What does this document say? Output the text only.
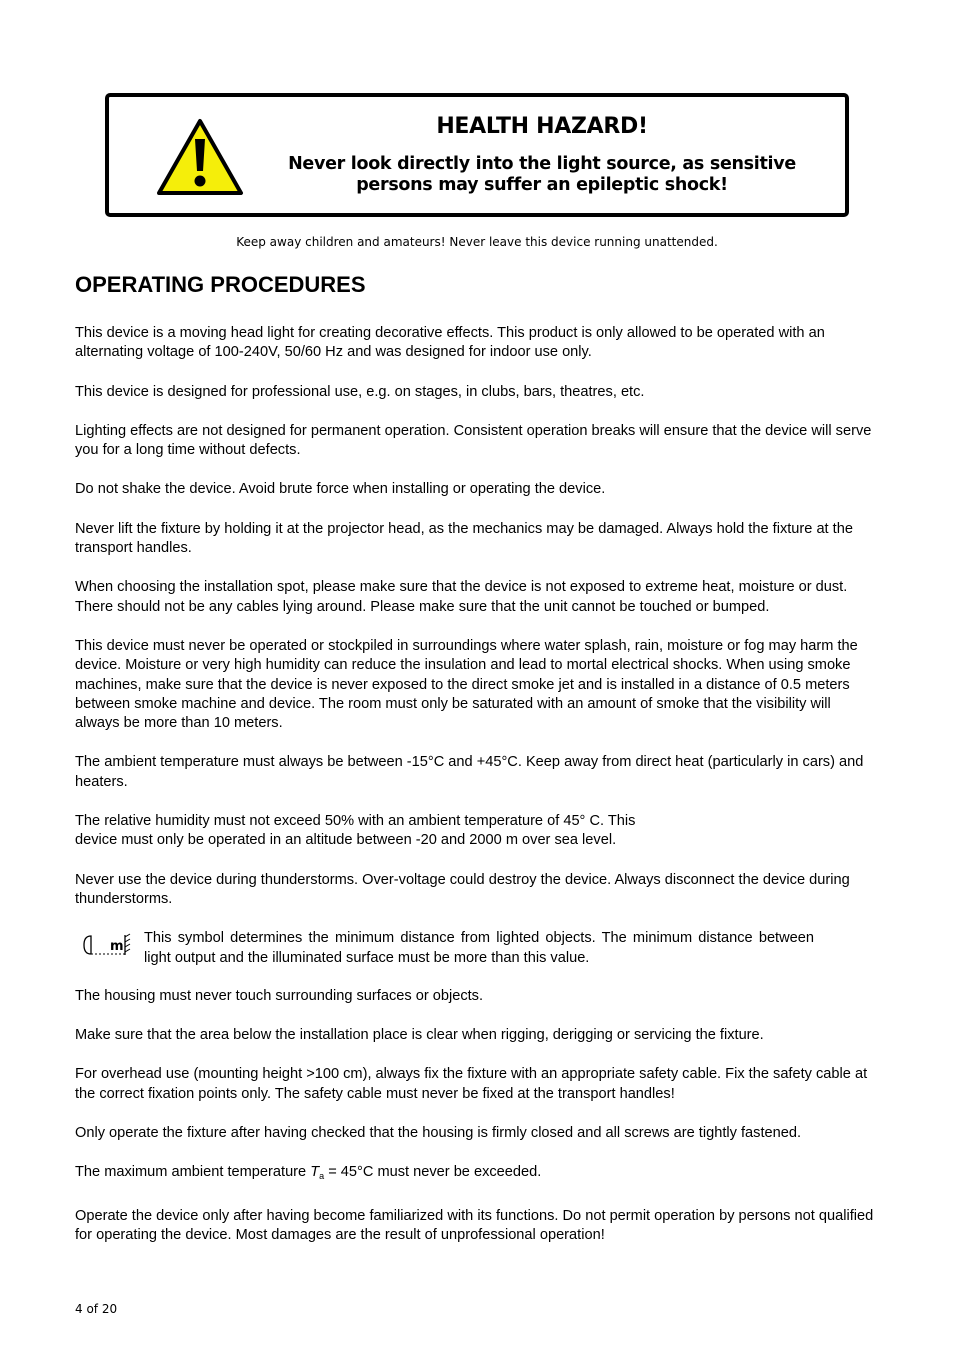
HEALTH HAZARD!
Never look directly into the light source, as sensitive
persons may suffer an epileptic shock!
Keep away children and amateurs! Never leave this device running unattended.
OPERATING PROCEDURES

This device is a moving head light for creating decorative effects. This product is only allowed to be operated with an alternating voltage of 100-240V, 50/60 Hz and was designed for indoor use only.

This device is designed for professional use, e.g. on stages, in clubs, bars, theatres, etc.

Lighting effects are not designed for permanent operation. Consistent operation breaks will ensure that the device will serve you for a long time without defects.

Do not shake the device. Avoid brute force when installing or operating the device.

Never lift the fixture by holding it at the projector head, as the mechanics may be damaged. Always hold the fixture at the transport handles.

When choosing the installation spot, please make sure that the device is not exposed to extreme heat, moisture or dust. There should not be any cables lying around. Please make sure that the unit cannot be touched or bumped.

This device must never be operated or stockpiled in surroundings where water splash, rain, moisture or fog may harm the device. Moisture or very high humidity can reduce the insulation and lead to mortal electrical shocks. When using smoke machines, make sure that the device is never exposed to the direct smoke jet and is installed in a distance of 0.5 meters between smoke machine and device. The room must only be saturated with an amount of smoke that the visibility will always be more than 10 meters.

The ambient temperature must always be between -15°C and +45°C. Keep away from direct heat (particularly in cars) and heaters.

The relative humidity must not exceed 50% with an ambient temperature of 45° C. This
device must only be operated in an altitude between -20 and 2000 m over sea level.

Never use the device during thunderstorms. Over-voltage could destroy the device. Always disconnect the device during thunderstorms.

m
This symbol determines the minimum distance from lighted objects. The minimum distance between light output and the illuminated surface must be more than this value.

The housing must never touch surrounding surfaces or objects.

Make sure that the area below the installation place is clear when rigging, derigging or servicing the fixture.

For overhead use (mounting height >100 cm), always fix the fixture with an appropriate safety cable. Fix the safety cable at the correct fixation points only. The safety cable must never be fixed at the transport handles!

Only operate the fixture after having checked that the housing is firmly closed and all screws are tightly fastened.

The maximum ambient temperature $T_a = 45^\circ C$ must never be exceeded.

Operate the device only after having become familiarized with its functions. Do not permit operation by persons not qualified for operating the device. Most damages are the result of unprofessional operation!

4 of 20
